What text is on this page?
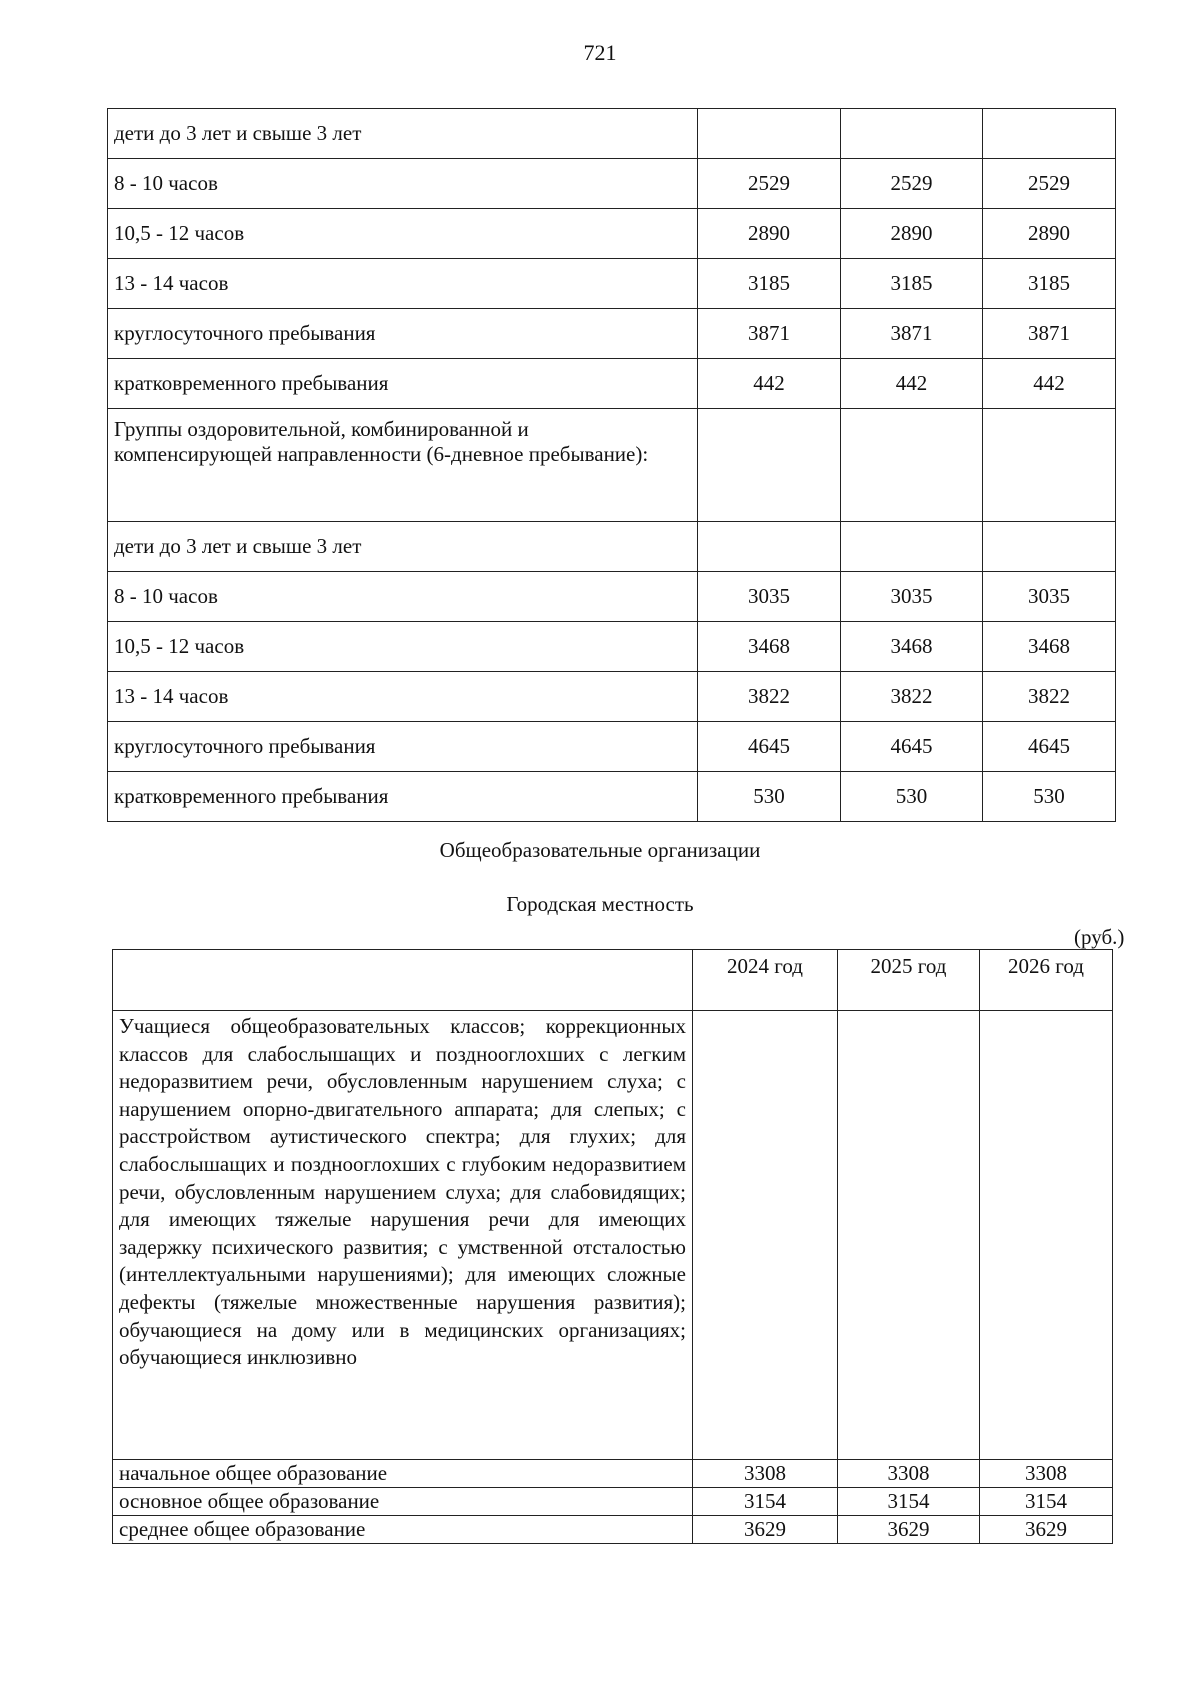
721
дети до 3 лет и свыше 3 лет			
8 - 10 часов	2529	2529	2529
10,5 - 12 часов	2890	2890	2890
13 - 14 часов	3185	3185	3185
круглосуточного пребывания	3871	3871	3871
кратковременного пребывания	442	442	442
Группы оздоровительной, комбинированной и компенсирующей направленности (6-дневное пребывание):			
дети до 3 лет и свыше 3 лет			
8 - 10 часов	3035	3035	3035
10,5 - 12 часов	3468	3468	3468
13 - 14 часов	3822	3822	3822
круглосуточного пребывания	4645	4645	4645
кратковременного пребывания	530	530	530
Общеобразовательные организации
Городская местность
(руб.)
	2024 год	2025 год	2026 год
Учащиеся общеобразовательных классов; коррекционных классов для слабослышащих и позднооглохших с легким недоразвитием речи, обусловленным нарушением слуха; с нарушением опорно-двигательного аппарата; для слепых; с расстройством аутистического спектра; для глухих; для слабослышащих и позднооглохших с глубоким недоразвитием речи, обусловленным нарушением слуха; для слабовидящих; для имеющих тяжелые нарушения речи для имеющих задержку психического развития; с умственной отсталостью (интеллектуальными нарушениями); для имеющих сложные дефекты (тяжелые множественные нарушения развития); обучающиеся на дому или в медицинских организациях; обучающиеся инклюзивно			
начальное общее образование	3308	3308	3308
основное общее образование	3154	3154	3154
среднее общее образование	3629	3629	3629
